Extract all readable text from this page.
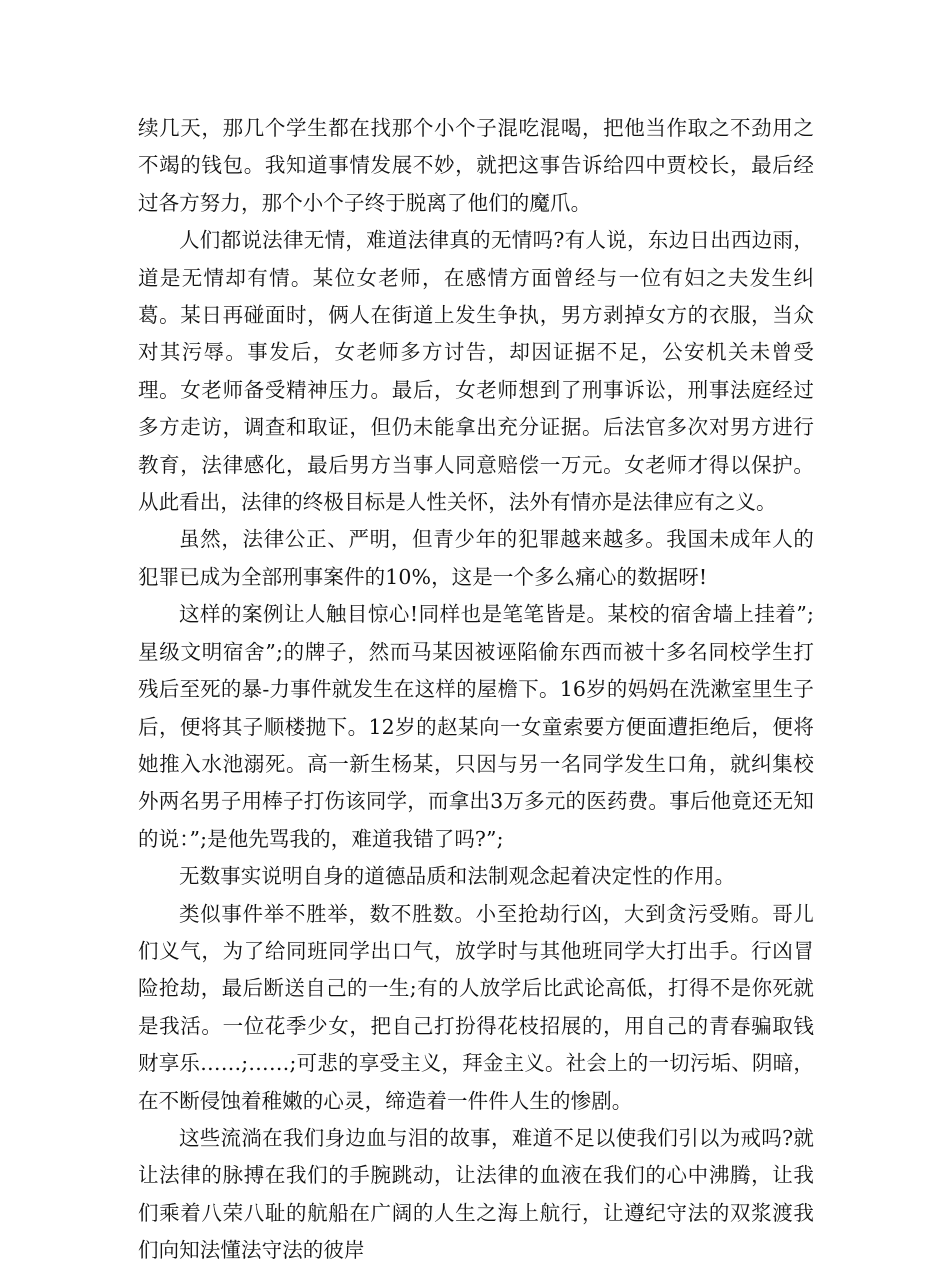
续几天，那几个学生都在找那个小个子混吃混喝，把他当作取之不劲用之不竭的钱包。我知道事情发展不妙，就把这事告诉给四中贾校长，最后经过各方努力，那个小个子终于脱离了他们的魔爪。

人们都说法律无情，难道法律真的无情吗?有人说，东边日出西边雨，道是无情却有情。某位女老师，在感情方面曾经与一位有妇之夫发生纠葛。某日再碰面时，俩人在街道上发生争执，男方剥掉女方的衣服，当众对其污辱。事发后，女老师多方讨告，却因证据不足，公安机关未曾受理。女老师备受精神压力。最后，女老师想到了刑事诉讼，刑事法庭经过多方走访，调查和取证，但仍未能拿出充分证据。后法官多次对男方进行教育，法律感化，最后男方当事人同意赔偿一万元。女老师才得以保护。从此看出，法律的终极目标是人性关怀，法外有情亦是法律应有之义。

虽然，法律公正、严明，但青少年的犯罪越来越多。我国未成年人的犯罪已成为全部刑事案件的10%，这是一个多么痛心的数据呀!

这样的案例让人触目惊心!同样也是笔笔皆是。某校的宿舍墙上挂着”;星级文明宿舍”;的牌子，然而马某因被诬陷偷东西而被十多名同校学生打残后至死的暴-力事件就发生在这样的屋檐下。16岁的妈妈在洗漱室里生子后，便将其子顺楼抛下。12岁的赵某向一女童索要方便面遭拒绝后，便将她推入水池溺死。高一新生杨某，只因与另一名同学发生口角，就纠集校外两名男子用棒子打伤该同学，而拿出3万多元的医药费。事后他竟还无知的说：”;是他先骂我的，难道我错了吗?”;

无数事实说明自身的道德品质和法制观念起着决定性的作用。

类似事件举不胜举，数不胜数。小至抢劫行凶，大到贪污受贿。哥儿们义气，为了给同班同学出口气，放学时与其他班同学大打出手。行凶冒险抢劫，最后断送自己的一生;有的人放学后比武论高低，打得不是你死就是我活。一位花季少女，把自己打扮得花枝招展的，用自己的青春骗取钱财享乐……;……;可悲的享受主义，拜金主义。社会上的一切污垢、阴暗，在不断侵蚀着稚嫩的心灵，缔造着一件件人生的惨剧。

这些流淌在我们身边血与泪的故事，难道不足以使我们引以为戒吗?就让法律的脉搏在我们的手腕跳动，让法律的血液在我们的心中沸腾，让我们乘着八荣八耻的航船在广阔的人生之海上航行，让遵纪守法的双浆渡我们向知法懂法守法的彼岸
